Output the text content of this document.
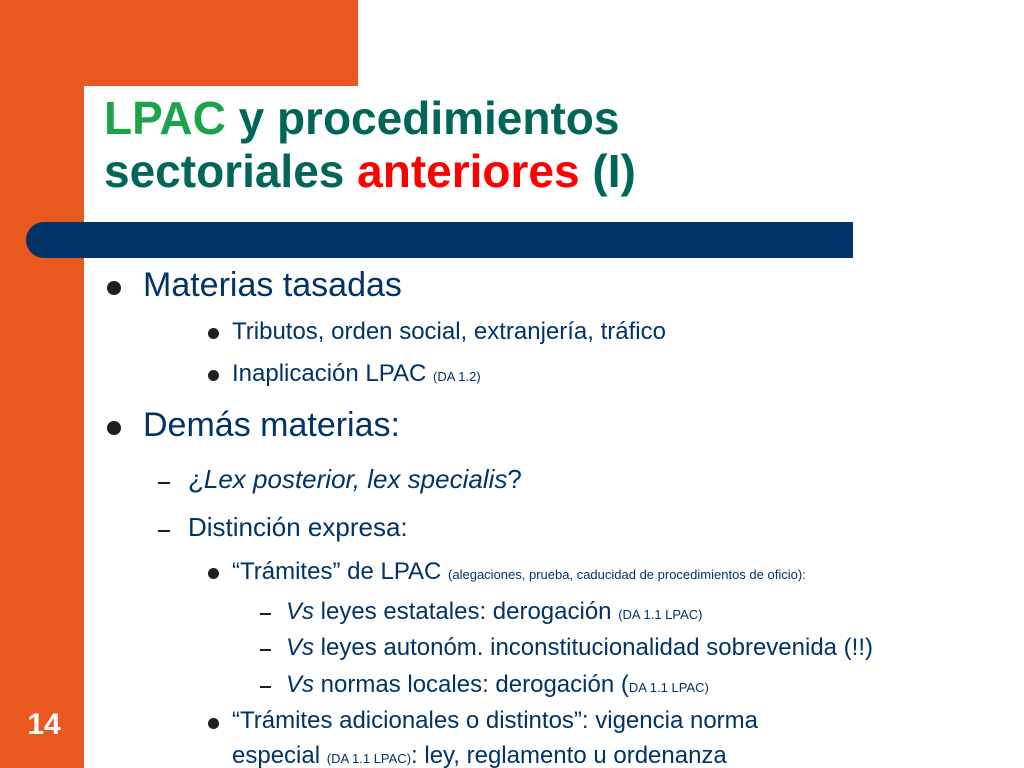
LPAC y procedimientos
sectoriales anteriores (I)
Materias tasadas
Tributos, orden social, extranjería, tráfico
Inaplicación LPAC (DA 1.2)
Demás materias:
¿Lex posterior, lex specialis?
Distinción expresa:
“Trámites” de LPAC (alegaciones, prueba, caducidad de procedimientos de oficio):
Vs leyes estatales: derogación (DA 1.1 LPAC)
Vs leyes autonóm. inconstitucionalidad sobrevenida (!!)
Vs normas locales: derogación (DA 1.1 LPAC)
“Trámites adicionales o distintos”: vigencia norma
especial (DA 1.1 LPAC): ley, reglamento u ordenanza
14
